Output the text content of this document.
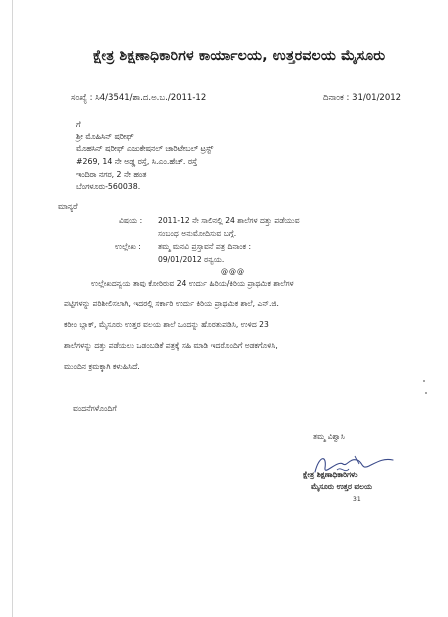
ಕ್ಷೇತ್ರ ಶಿಕ್ಷಣಾಧಿಕಾರಿಗಳ ಕಾರ್ಯಾಲಯ, ಉತ್ತರವಲಯ ಮೈಸೂರು
ಸಂಖ್ಯೆ : ಸಿ4/3541/ಶಾ.ದ.ಅ.ಬ./2011-12	ದಿನಾಂಕ : 31/01/2012
ಗೆ
ಶ್ರೀ ಮೊಹಿಸಿನ್ ಷರೀಫ್
ಮೊಹಸಿನ್ ಷರೀಫ್ ಎಜುಕೇಷನಲ್ ಚಾರಿಟೇಬಲ್ ಟ್ರಸ್ಟ್
#269, 14 ನೇ ಅಡ್ಡ ರಸ್ತೆ, ಸಿ.ಎಂ.ಹೆಚ್. ರಸ್ತೆ
ಇಂದಿರಾ ನಗರ, 2 ನೇ ಹಂತ
ಬೆಂಗಳೂರು-560038.
ಮಾನ್ಯರೆ
ವಿಷಯ : 2011-12 ನೇ ಸಾಲಿನಲ್ಲಿ 24 ಶಾಲೆಗಳ ದತ್ತು ಪಡೆಯುವ
ಸಂಬಂಧ ಅನುಮೋದಿಸುವ ಬಗ್ಗೆ.
ಉಲ್ಲೇಖ : ತಮ್ಮ ಮನವಿ ಪ್ರಸ್ತಾವನೆ ಪತ್ರ ದಿನಾಂಕ :
09/01/2012 ರನ್ವಯ.
@@@
ಉಲ್ಲೇಖದನ್ವಯ ತಾವು ಕೋರಿರುವ 24 ಉರ್ದು ಹಿರಿಯ/ಕಿರಿಯ ಪ್ರಾಥಮಿಕ ಶಾಲೆಗಳ
ಪಟ್ಟಿಗಳನ್ನು ಪರಿಶೀಲಿಸಲಾಗಿ, ಇದರಲ್ಲಿ ಸರ್ಕಾರಿ ಉರ್ದು ಕಿರಿಯ ಪ್ರಾಥಮಿಕ ಶಾಲೆ, ಎನ್.ಜಿ.
ಕರೀಂ ಬ್ಲಾಕ್, ಮೈಸೂರು ಉತ್ತರ ವಲಯ ಶಾಲೆ ಒಂದನ್ನು ಹೊರತುಪಡಿಸಿ, ಉಳಿದ 23
ಶಾಲೆಗಳನ್ನು ದತ್ತು ಪಡೆಯಲು ಒಡಂಬಡಿಕೆ ಪತ್ರಕ್ಕೆ ಸಹಿ ಮಾಡಿ ಇದರೊಂದಿಗೆ ಅಡಕಗೊಳಿಸಿ,
ಮುಂದಿನ ಕ್ರಮಕ್ಕಾಗಿ ಕಳುಹಿಸಿದೆ.
ವಂದನೆಗಳೊಂದಿಗೆ
ತಮ್ಮ ವಿಶ್ವಾಸಿ
ಕ್ಷೇತ್ರ ಶಿಕ್ಷಣಾಧಿಕಾರಿಗಳು
ಮೈಸೂರು ಉತ್ತರ ವಲಯ
31
